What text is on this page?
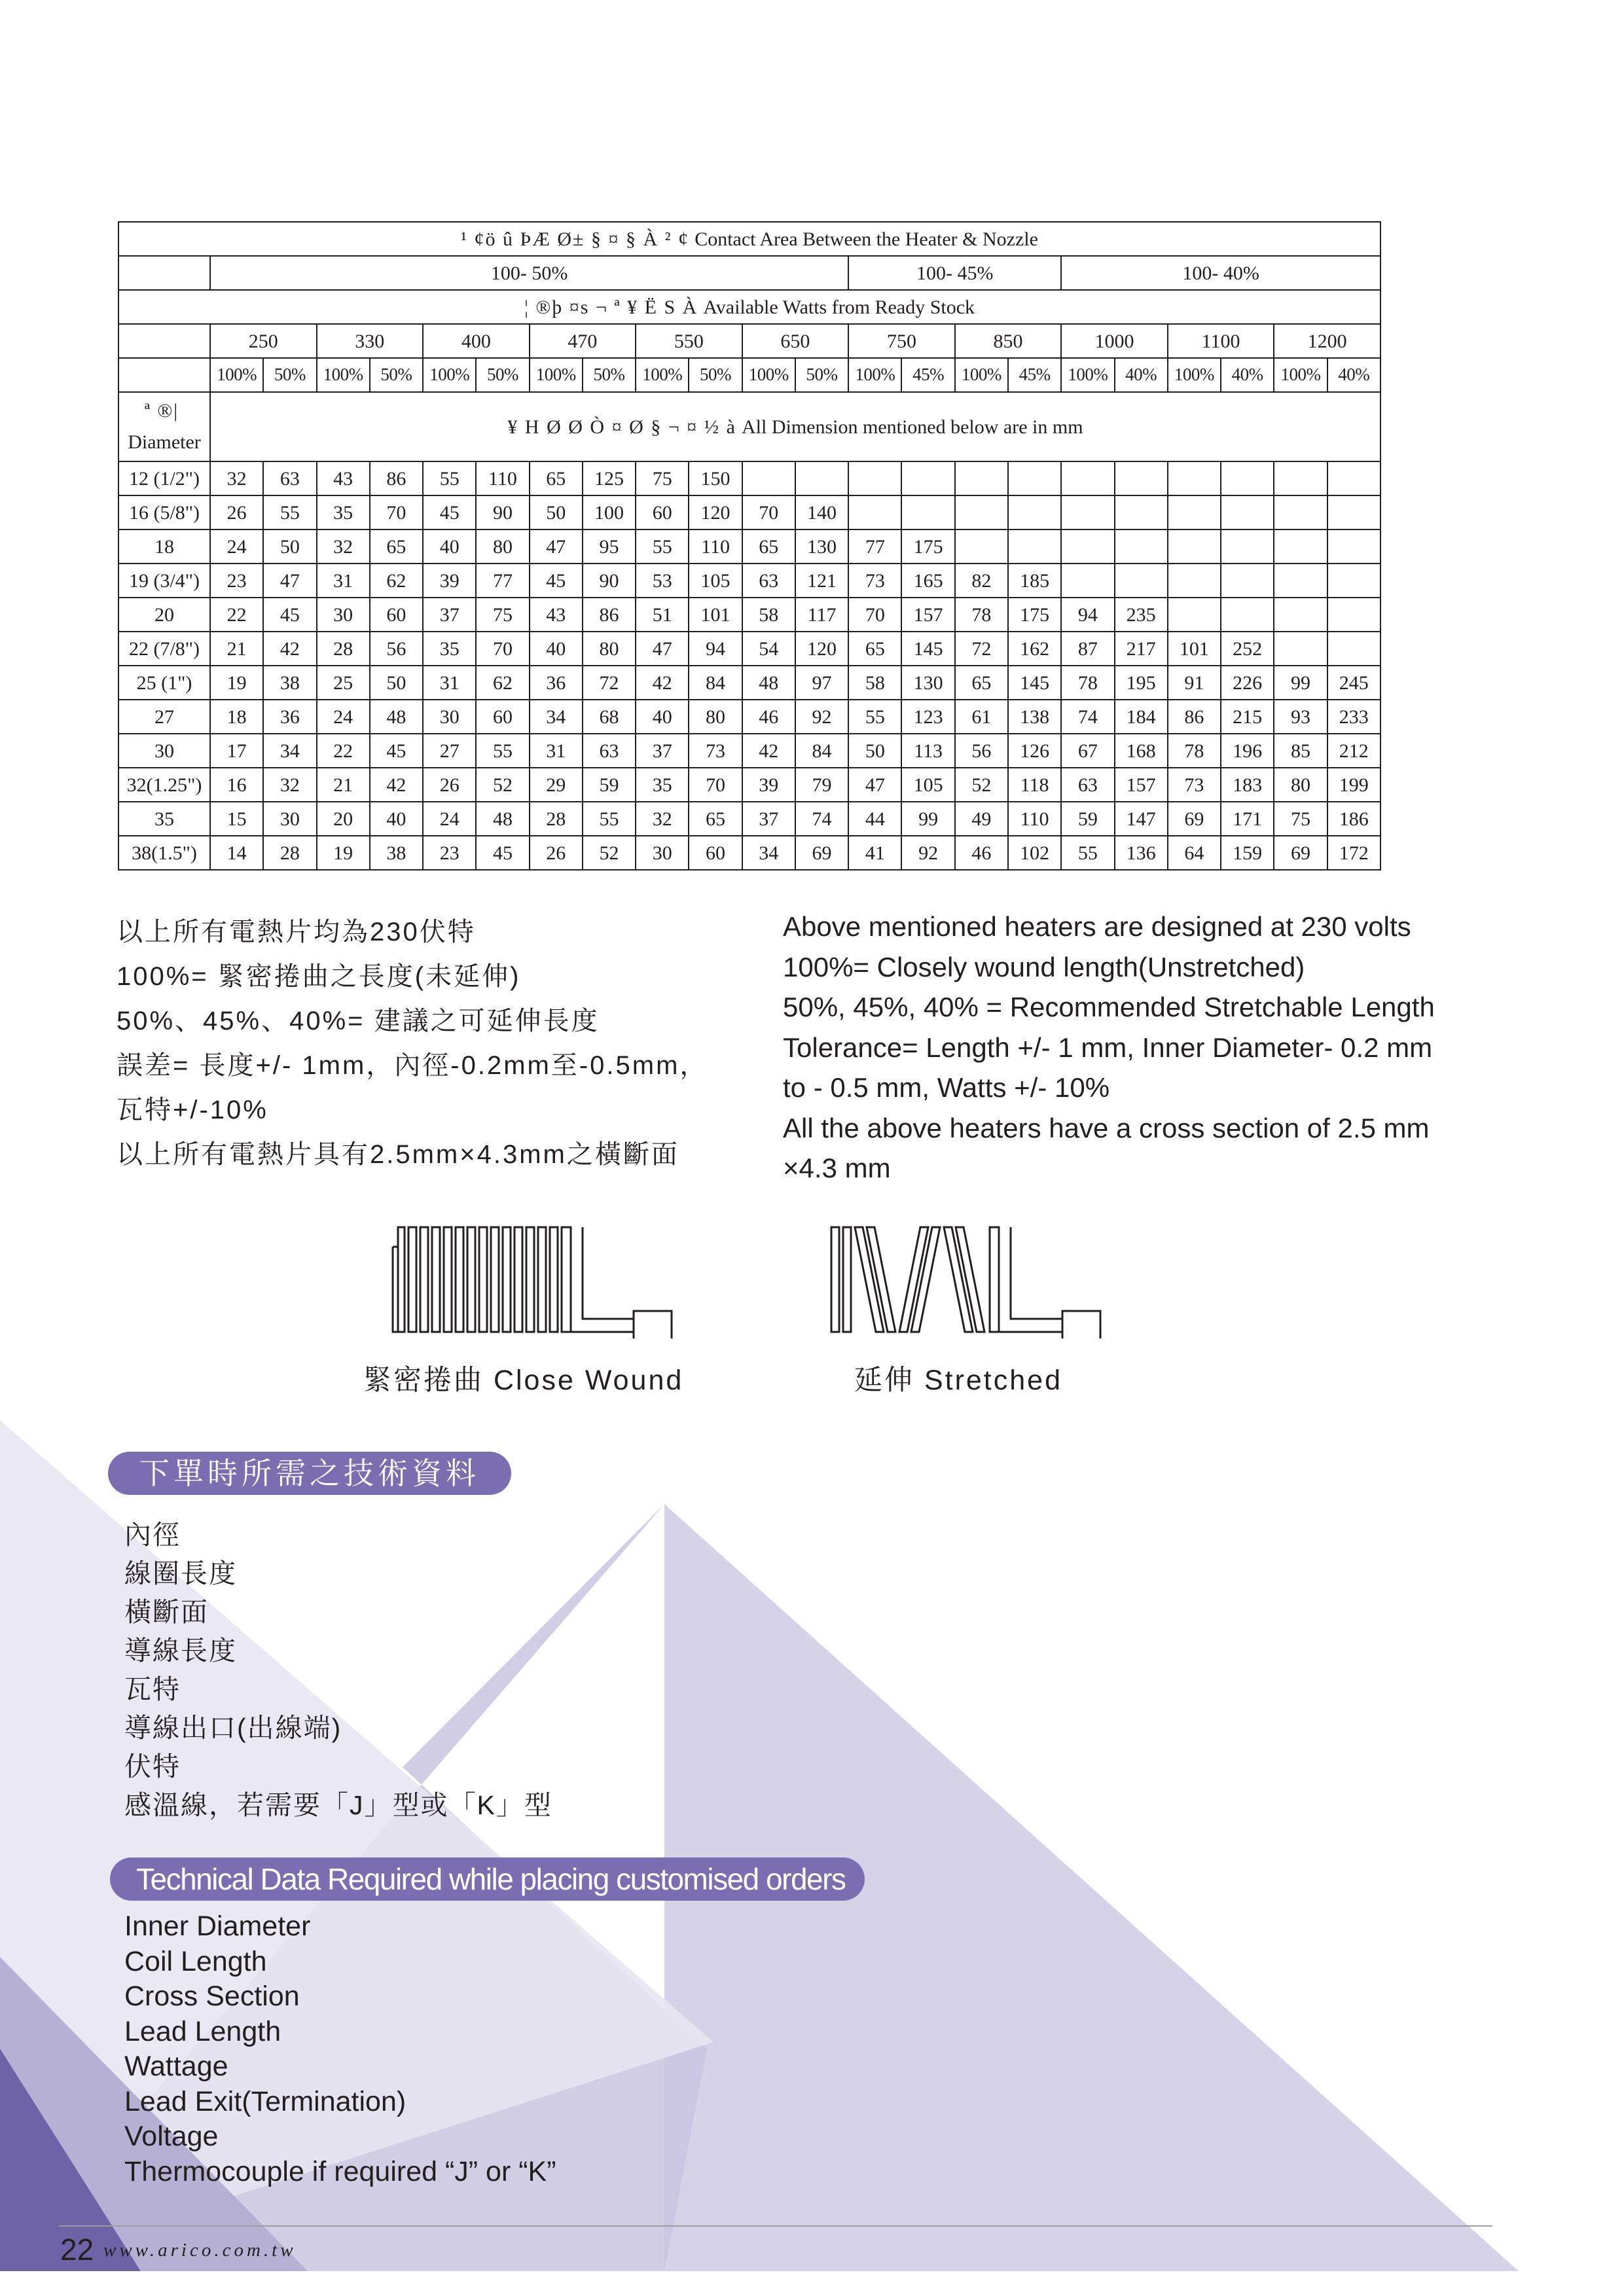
¹ ¢ö û ÞÆ Ø± § ¤ § À ² ¢ Contact Area Between the Heater & Nozzle																						
	100- 50%												100- 45%				100- 40%					
¦ ®þ ¤s ¬ ª ¥ Ë S À Available Watts from Ready Stock																						
	250		330		400		470		550		650		750		850		1000		1100		1200	
	100%	50%	100%	50%	100%	50%	100%	50%	100%	50%	100%	50%	100%	45%	100%	45%	100%	40%	100%	40%	100%	40%
ª ®|
Diameter	¥ H Ø Ø Ò ¤ Ø § ¬ ¤ ½ à All Dimension mentioned below are in mm																					
12 (1/2")	32	63	43	86	55	110	65	125	75	150												
16 (5/8")	26	55	35	70	45	90	50	100	60	120	70	140										
18	24	50	32	65	40	80	47	95	55	110	65	130	77	175								
19 (3/4")	23	47	31	62	39	77	45	90	53	105	63	121	73	165	82	185						
20	22	45	30	60	37	75	43	86	51	101	58	117	70	157	78	175	94	235				
22 (7/8")	21	42	28	56	35	70	40	80	47	94	54	120	65	145	72	162	87	217	101	252		
25 (1")	19	38	25	50	31	62	36	72	42	84	48	97	58	130	65	145	78	195	91	226	99	245
27	18	36	24	48	30	60	34	68	40	80	46	92	55	123	61	138	74	184	86	215	93	233
30	17	34	22	45	27	55	31	63	37	73	42	84	50	113	56	126	67	168	78	196	85	212
32(1.25")	16	32	21	42	26	52	29	59	35	70	39	79	47	105	52	118	63	157	73	183	80	199
35	15	30	20	40	24	48	28	55	32	65	37	74	44	99	49	110	59	147	69	171	75	186
38(1.5")	14	28	19	38	23	45	26	52	30	60	34	69	41	92	46	102	55	136	64	159	69	172
以上所有電熱片均為230伏特
100%= 緊密捲曲之長度(未延伸)
50%、45%、40%= 建議之可延伸長度
誤差= 長度+/- 1mm，內徑-0.2mm至-0.5mm，
瓦特+/-10%
以上所有電熱片具有2.5mm×4.3mm之橫斷面
Above mentioned heaters are designed at 230 volts
100%= Closely wound length(Unstretched)
50%, 45%, 40% = Recommended Stretchable Length
Tolerance= Length +/- 1 mm, Inner Diameter- 0.2 mm
to - 0.5 mm, Watts +/- 10%
All the above heaters have a cross section of 2.5 mm
×4.3 mm
緊密捲曲 Close Wound	延伸 Stretched
下單時所需之技術資料
內徑
線圈長度
橫斷面
導線長度
瓦特
導線出口(出線端)
伏特
感溫線，若需要「J」型或「K」型
Technical Data Required while placing customised orders
Inner Diameter
Coil Length
Cross Section
Lead Length
Wattage
Lead Exit(Termination)
Voltage
Thermocouple if required “J” or “K”
22 www.arico.com.tw
